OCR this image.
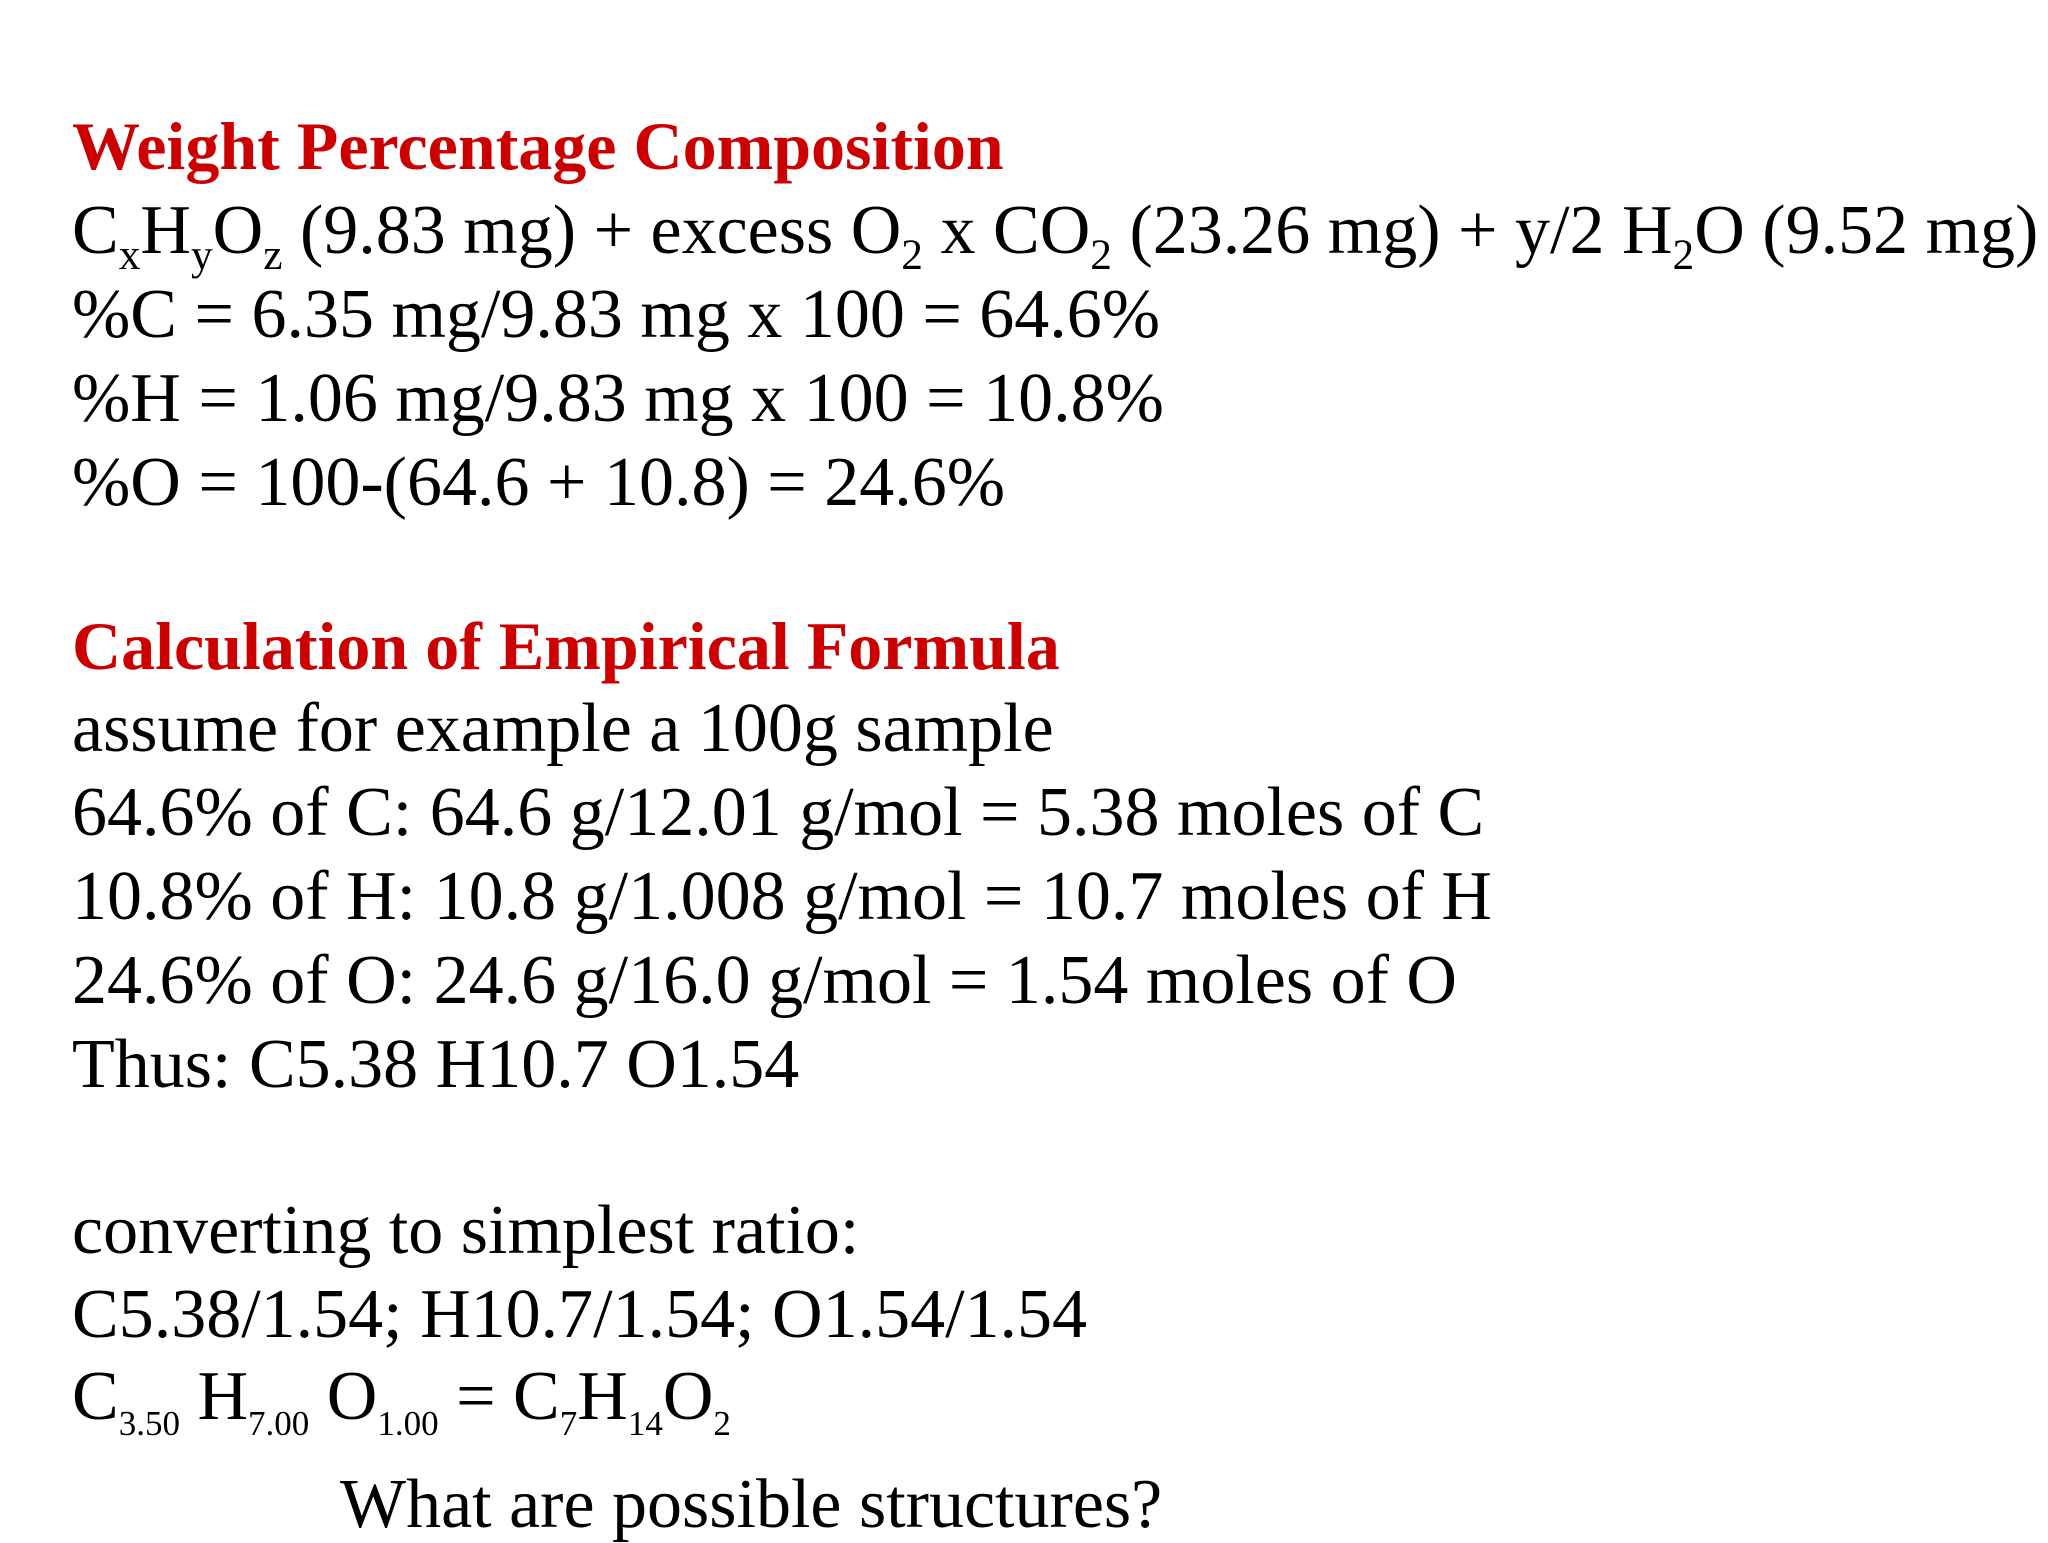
Weight Percentage Composition
$C_xH_yO_z$ (9.83 mg) + excess $O_2$ x $CO_2$ (23.26 mg) + y/2 $H_2O$ (9.52 mg)
%C = 6.35 mg/9.83 mg x 100 = 64.6%
%H = 1.06 mg/9.83 mg x 100 = 10.8%
%O = 100-(64.6 + 10.8) = 24.6%
Calculation of Empirical Formula
assume for example a 100g sample
64.6% of C: 64.6 g/12.01 g/mol = 5.38 moles of C
10.8% of H: 10.8 g/1.008 g/mol = 10.7 moles of H
24.6% of O: 24.6 g/16.0 g/mol = 1.54 moles of O
Thus: C5.38 H10.7 O1.54
converting to simplest ratio:
C5.38/1.54; H10.7/1.54; O1.54/1.54
$C_{3.50}$ $H_{7.00}$ $O_{1.00} = C_7H_{14}O_2$
What are possible structures?
